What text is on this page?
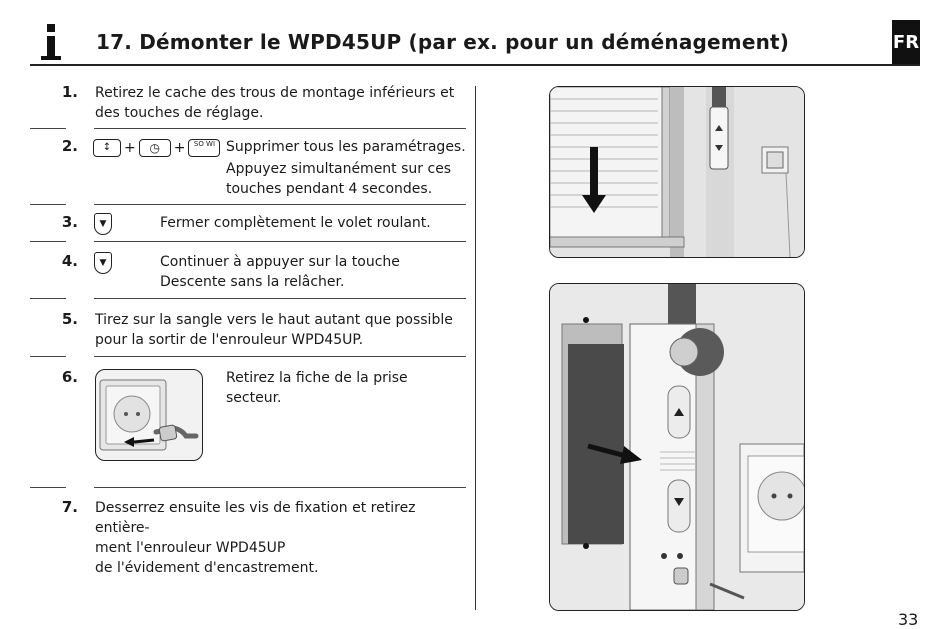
17. Démonter le WPD45UP (par ex. pour un déménagement)	FR
1. Retirez le cache des trous de montage inférieurs et des touches de réglage.
2.	↕ + ◷ + SO WI Supprimer tous les paramétrages.
Appuyez simultanément sur ces touches pendant 4 secondes.
3.	▼	Fermer complètement le volet roulant.
4.	▼	Continuer à appuyer sur la touche Descente sans la relâcher.
5. Tirez sur la sangle vers le haut autant que possible pour la sortir de l'enrouleur WPD45UP.
6.	Retirez la fiche de la prise secteur.
7. Desserrez ensuite les vis de fixation et retirez entière-
ment l'enrouleur WPD45UP
de l'évidement d'encastrement.
33
